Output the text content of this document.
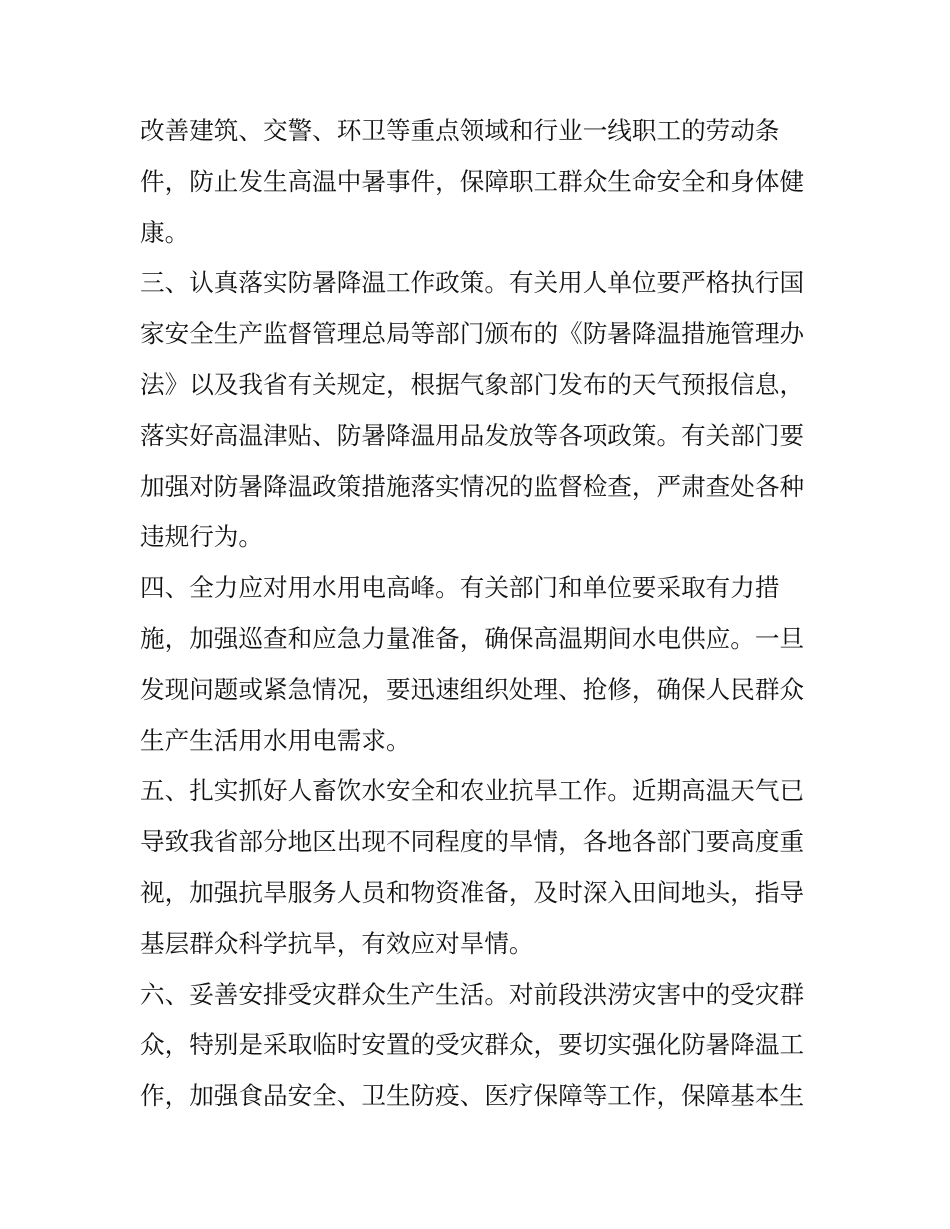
改善建筑、交警、环卫等重点领域和行业一线职工的劳动条
件，防止发生高温中暑事件，保障职工群众生命安全和身体健
康。
三、认真落实防暑降温工作政策。有关用人单位要严格执行国
家安全生产监督管理总局等部门颁布的《防暑降温措施管理办
法》以及我省有关规定，根据气象部门发布的天气预报信息，
落实好高温津贴、防暑降温用品发放等各项政策。有关部门要
加强对防暑降温政策措施落实情况的监督检查，严肃查处各种
违规行为。
四、全力应对用水用电高峰。有关部门和单位要采取有力措
施，加强巡查和应急力量准备，确保高温期间水电供应。一旦
发现问题或紧急情况，要迅速组织处理、抢修，确保人民群众
生产生活用水用电需求。
五、扎实抓好人畜饮水安全和农业抗旱工作。近期高温天气已
导致我省部分地区出现不同程度的旱情，各地各部门要高度重
视，加强抗旱服务人员和物资准备，及时深入田间地头，指导
基层群众科学抗旱，有效应对旱情。
六、妥善安排受灾群众生产生活。对前段洪涝灾害中的受灾群
众，特别是采取临时安置的受灾群众，要切实强化防暑降温工
作，加强食品安全、卫生防疫、医疗保障等工作，保障基本生
